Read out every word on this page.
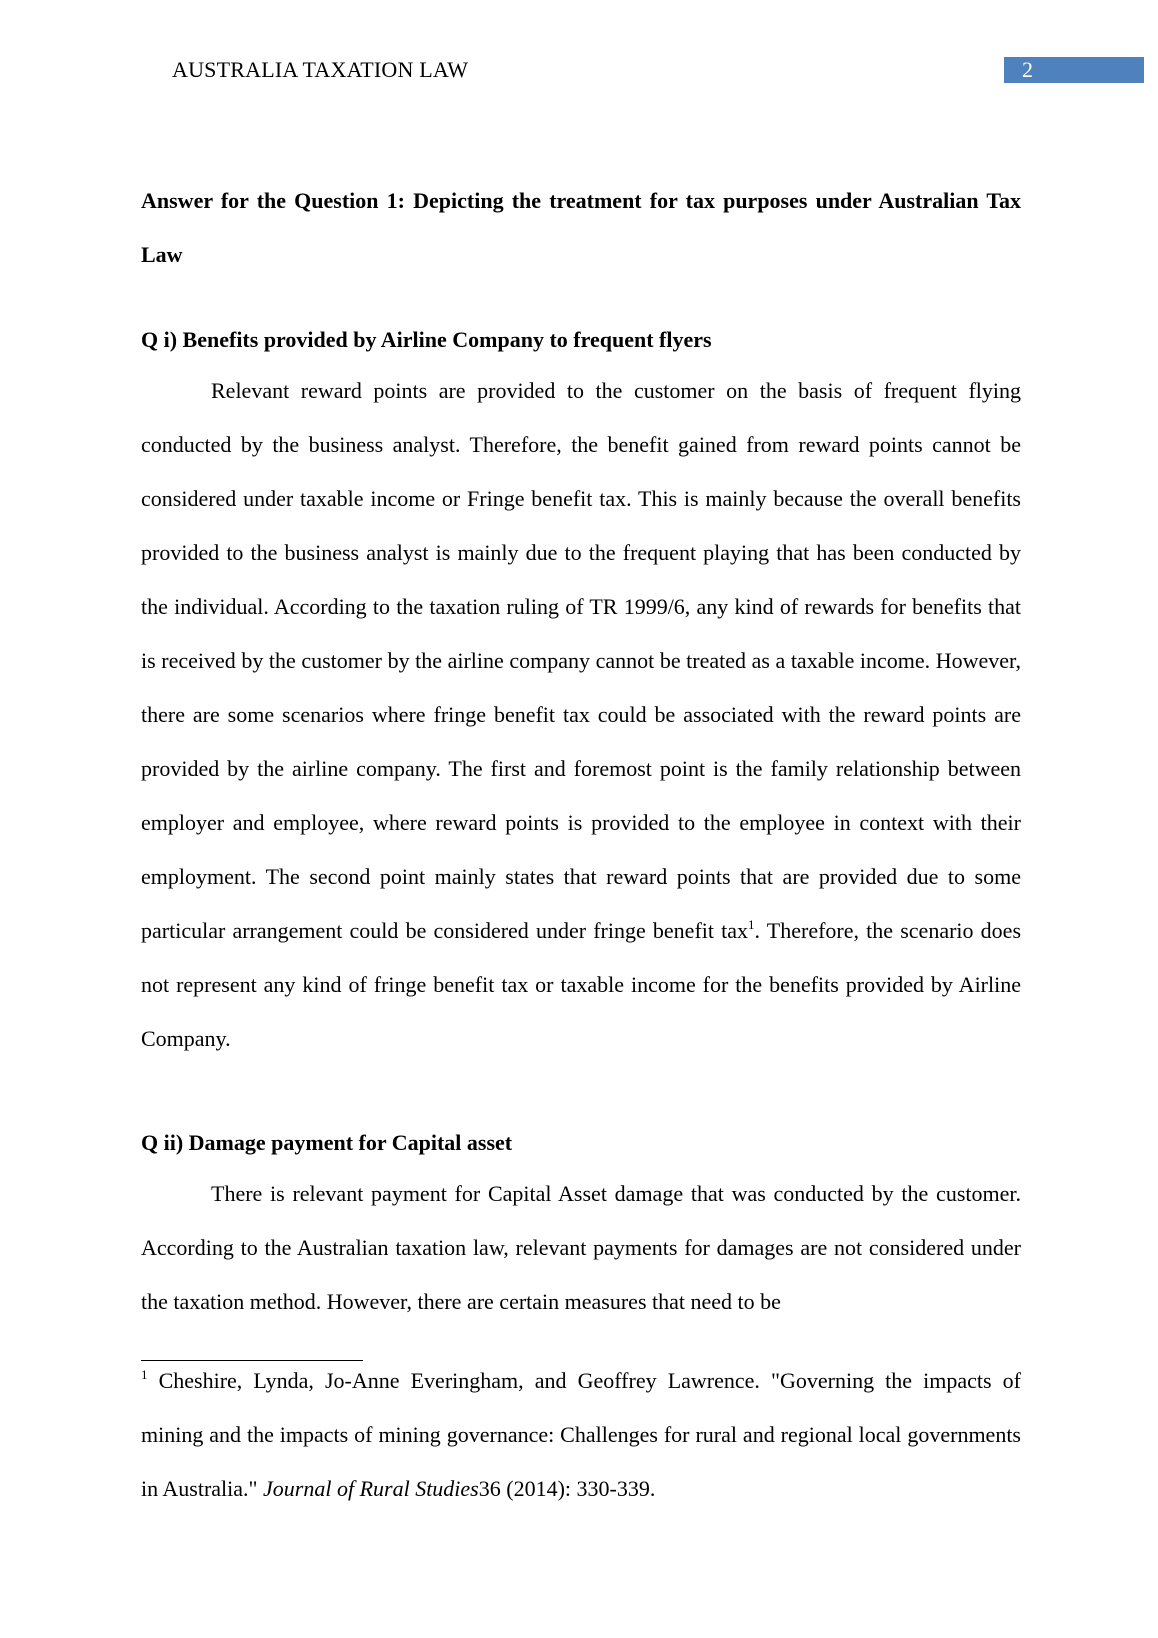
AUSTRALIA TAXATION LAW	2

Answer for the Question 1: Depicting the treatment for tax purposes under Australian Tax Law

Q i) Benefits provided by Airline Company to frequent flyers

Relevant reward points are provided to the customer on the basis of frequent flying conducted by the business analyst. Therefore, the benefit gained from reward points cannot be considered under taxable income or Fringe benefit tax. This is mainly because the overall benefits provided to the business analyst is mainly due to the frequent playing that has been conducted by the individual. According to the taxation ruling of TR 1999/6, any kind of rewards for benefits that is received by the customer by the airline company cannot be treated as a taxable income. However, there are some scenarios where fringe benefit tax could be associated with the reward points are provided by the airline company. The first and foremost point is the family relationship between employer and employee, where reward points is provided to the employee in context with their employment. The second point mainly states that reward points that are provided due to some particular arrangement could be considered under fringe benefit tax$^1$. Therefore, the scenario does not represent any kind of fringe benefit tax or taxable income for the benefits provided by Airline Company.

Q ii) Damage payment for Capital asset

There is relevant payment for Capital Asset damage that was conducted by the customer. According to the Australian taxation law, relevant payments for damages are not considered under the taxation method. However, there are certain measures that need to be

$^1$ Cheshire, Lynda, Jo-Anne Everingham, and Geoffrey Lawrence. "Governing the impacts of mining and the impacts of mining governance: Challenges for rural and regional local governments in Australia." Journal of Rural Studies36 (2014): 330-339.
